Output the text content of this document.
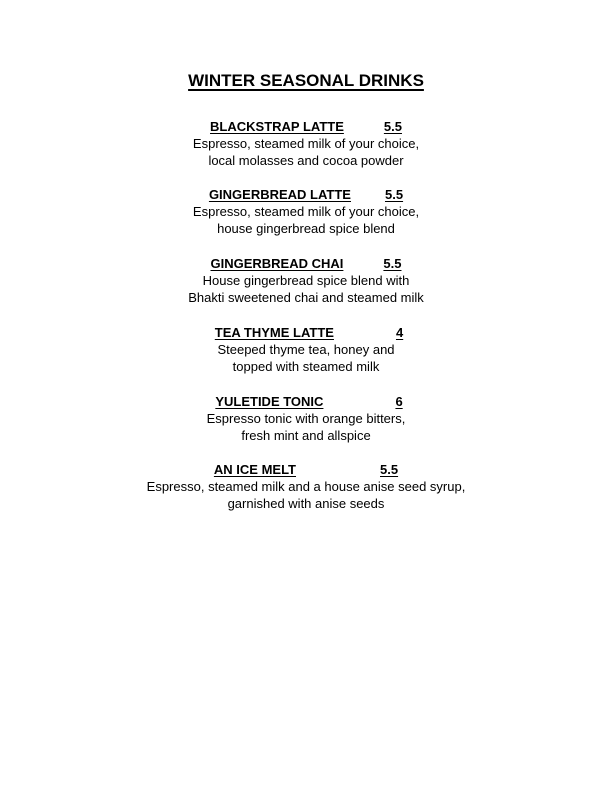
WINTER SEASONAL DRINKS
BLACKSTRAP LATTE	5.5
Espresso, steamed milk of your choice,
local molasses and cocoa powder
GINGERBREAD LATTE	5.5
Espresso, steamed milk of your choice,
house gingerbread spice blend
GINGERBREAD CHAI	5.5
House gingerbread spice blend with
Bhakti sweetened chai and steamed milk
TEA THYME LATTE	4
Steeped thyme tea, honey and
topped with steamed milk
YULETIDE TONIC	6
Espresso tonic with orange bitters,
fresh mint and allspice
AN ICE MELT	5.5
Espresso, steamed milk and a house anise seed syrup,
garnished with anise seeds
